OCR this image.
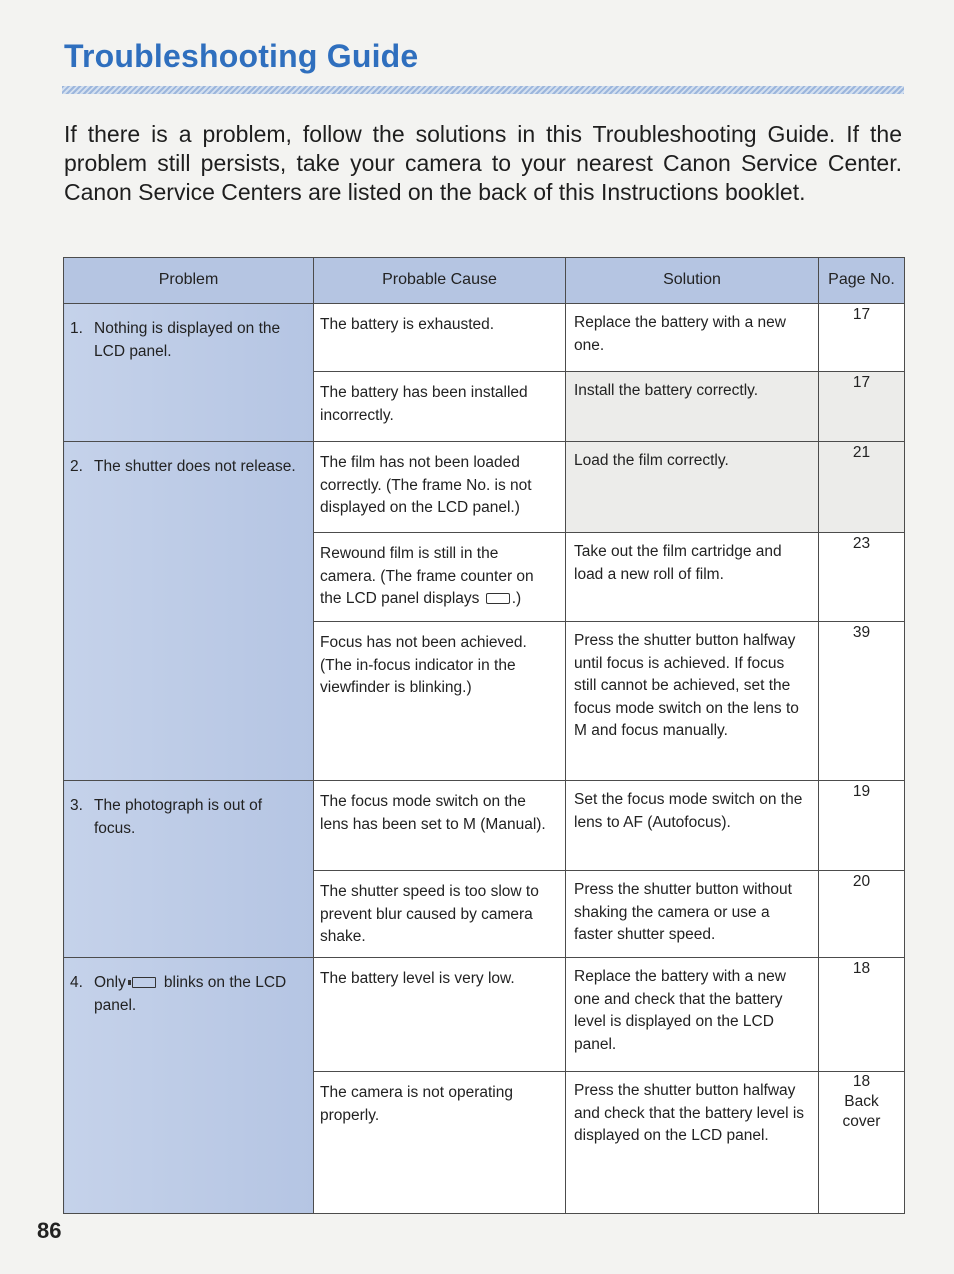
Troubleshooting Guide

If there is a problem, follow the solutions in this Troubleshooting Guide. If the problem still persists, take your camera to your nearest Canon Service Center. Canon Service Centers are listed on the back of this Instructions booklet.

Problem	Probable Cause	Solution	Page No.

1. Nothing is displayed on the LCD panel.	The battery is exhausted.	Replace the battery with a new one.	17
	The battery has been installed incorrectly.	Install the battery correctly.	17

2. The shutter does not release.	The film has not been loaded correctly. (The frame No. is not displayed on the LCD panel.)	Load the film correctly.	21
	Rewound film is still in the camera. (The frame counter on the LCD panel displays .)	Take out the film cartridge and load a new roll of film.	23
	Focus has not been achieved. (The in-focus indicator in the viewfinder is blinking.)	Press the shutter button halfway until focus is achieved. If focus still cannot be achieved, set the focus mode switch on the lens to M and focus manually.	39

3. The photograph is out of focus.	The focus mode switch on the lens has been set to M (Manual).	Set the focus mode switch on the lens to AF (Autofocus).	19
	The shutter speed is too slow to prevent blur caused by camera shake.	Press the shutter button without shaking the camera or use a faster shutter speed.	20

4. Only blinks on the LCD panel.	The battery level is very low.	Replace the battery with a new one and check that the battery level is displayed on the LCD panel.	18
	The camera is not operating properly.	Press the shutter button halfway and check that the battery level is displayed on the LCD panel.	18
Back
cover
86
